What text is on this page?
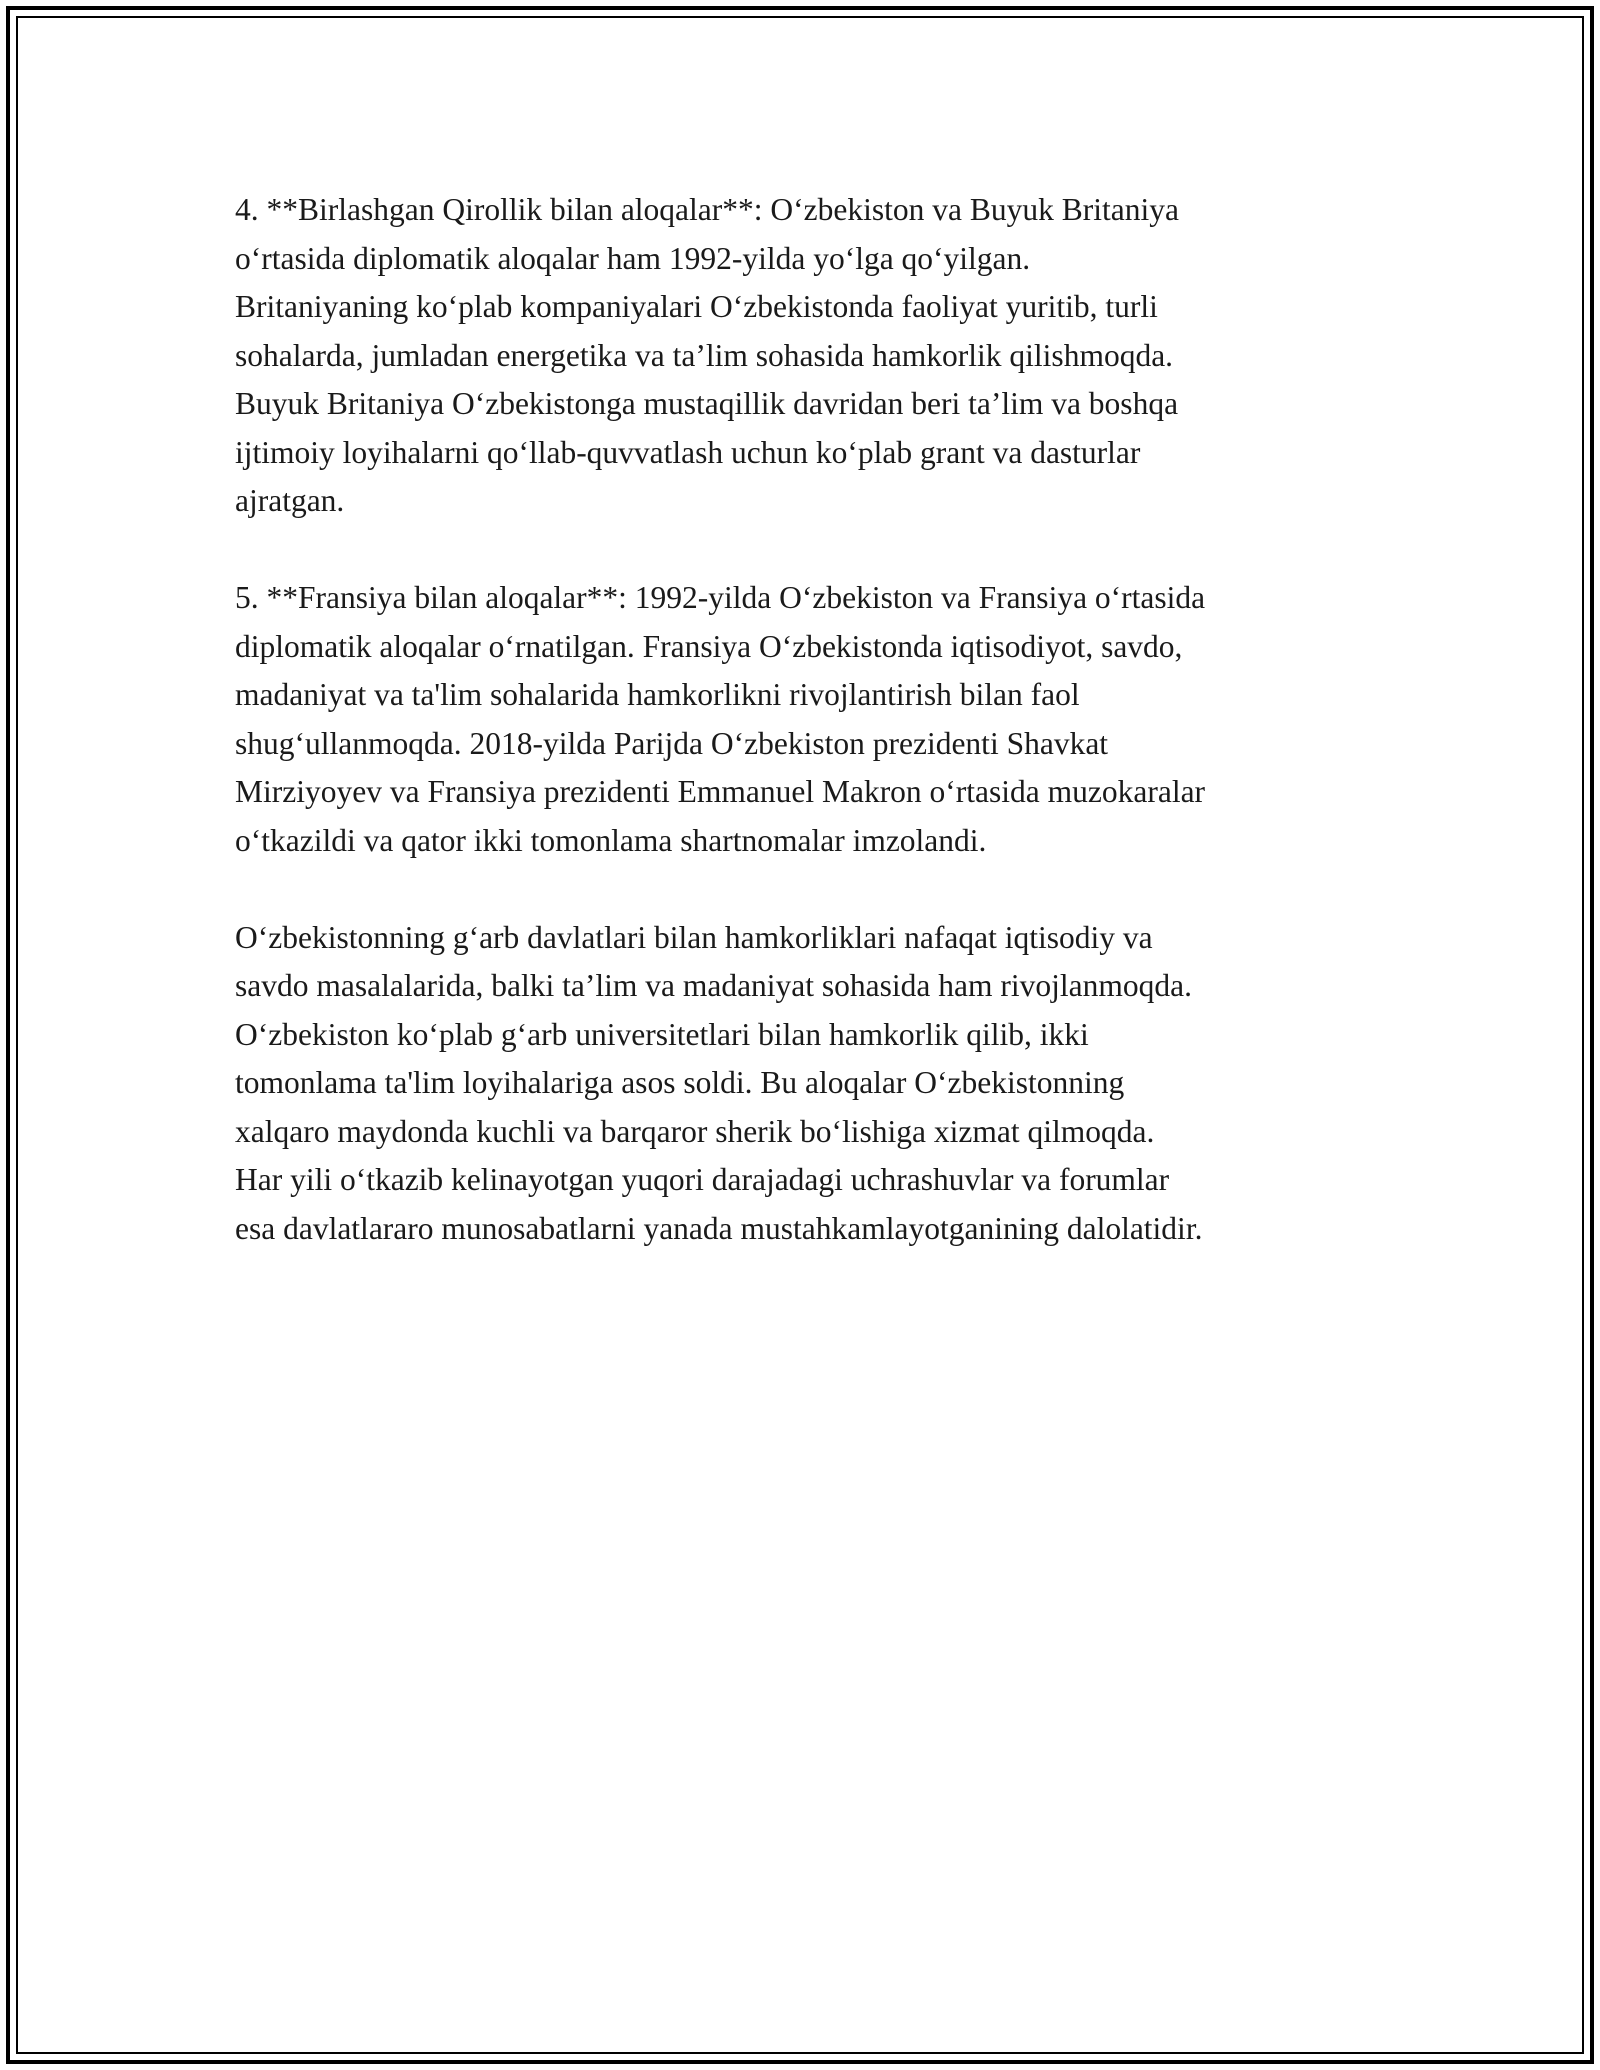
4. **Birlashgan Qirollik bilan aloqalar**: O‘zbekiston va Buyuk Britaniya
o‘rtasida diplomatik aloqalar ham 1992-yilda yo‘lga qo‘yilgan.
Britaniyaning ko‘plab kompaniyalari O‘zbekistonda faoliyat yuritib, turli
sohalarda, jumladan energetika va ta’lim sohasida hamkorlik qilishmoqda.
Buyuk Britaniya O‘zbekistonga mustaqillik davridan beri ta’lim va boshqa
ijtimoiy loyihalarni qo‘llab-quvvatlash uchun ko‘plab grant va dasturlar
ajratgan.

5. **Fransiya bilan aloqalar**: 1992-yilda O‘zbekiston va Fransiya o‘rtasida
diplomatik aloqalar o‘rnatilgan. Fransiya O‘zbekistonda iqtisodiyot, savdo,
madaniyat va ta'lim sohalarida hamkorlikni rivojlantirish bilan faol
shug‘ullanmoqda. 2018-yilda Parijda O‘zbekiston prezidenti Shavkat
Mirziyoyev va Fransiya prezidenti Emmanuel Makron o‘rtasida muzokaralar
o‘tkazildi va qator ikki tomonlama shartnomalar imzolandi.

O‘zbekistonning g‘arb davlatlari bilan hamkorliklari nafaqat iqtisodiy va
savdo masalalarida, balki ta’lim va madaniyat sohasida ham rivojlanmoqda.
O‘zbekiston ko‘plab g‘arb universitetlari bilan hamkorlik qilib, ikki
tomonlama ta'lim loyihalariga asos soldi. Bu aloqalar O‘zbekistonning
xalqaro maydonda kuchli va barqaror sherik bo‘lishiga xizmat qilmoqda.
Har yili o‘tkazib kelinayotgan yuqori darajadagi uchrashuvlar va forumlar
esa davlatlararo munosabatlarni yanada mustahkamlayotganining dalolatidir.
